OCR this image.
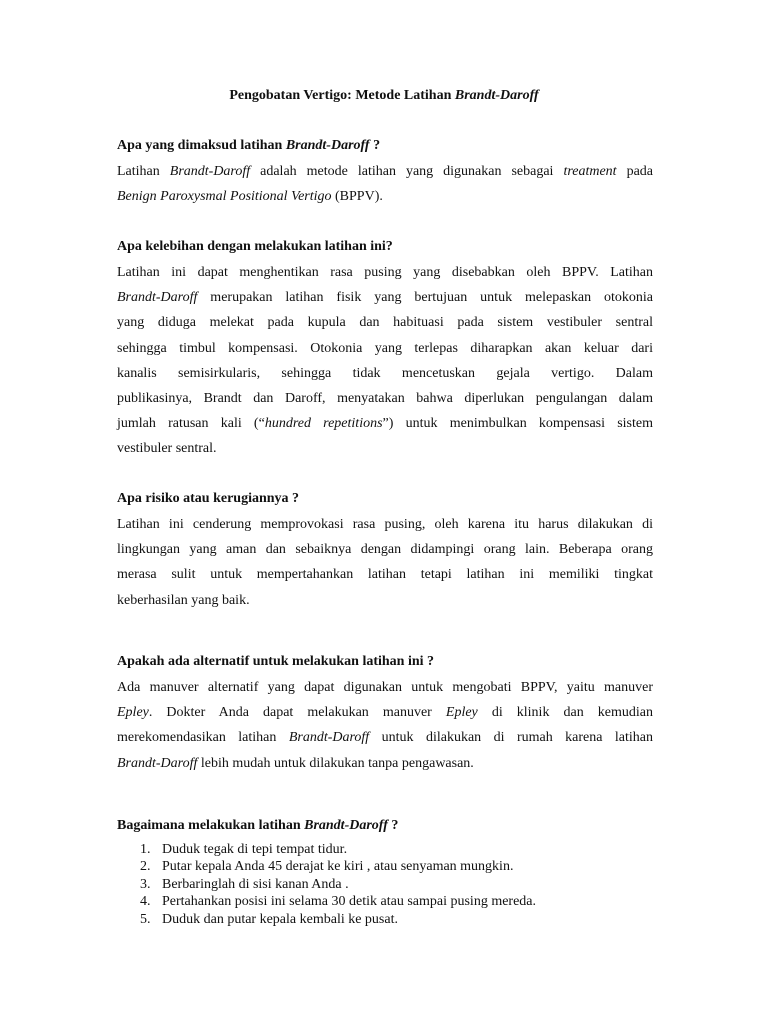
Pengobatan Vertigo: Metode Latihan Brandt-Daroff
Apa yang dimaksud latihan Brandt-Daroff ?
Latihan Brandt-Daroff adalah metode latihan yang digunakan sebagai treatment pada
Benign Paroxysmal Positional Vertigo (BPPV).
Apa kelebihan dengan melakukan latihan ini?
Latihan ini dapat menghentikan rasa pusing yang disebabkan oleh BPPV. Latihan
Brandt-Daroff merupakan latihan fisik yang bertujuan untuk melepaskan otokonia
yang diduga melekat pada kupula dan habituasi pada sistem vestibuler sentral
sehingga timbul kompensasi. Otokonia yang terlepas diharapkan akan keluar dari
kanalis semisirkularis, sehingga tidak mencetuskan gejala vertigo. Dalam
publikasinya, Brandt dan Daroff, menyatakan bahwa diperlukan pengulangan dalam
jumlah ratusan kali (“hundred repetitions”) untuk menimbulkan kompensasi sistem
vestibuler sentral.
Apa risiko atau kerugiannya ?
Latihan ini cenderung memprovokasi rasa pusing, oleh karena itu harus dilakukan di
lingkungan yang aman dan sebaiknya dengan didampingi orang lain. Beberapa orang
merasa sulit untuk mempertahankan latihan tetapi latihan ini memiliki tingkat
keberhasilan yang baik.
Apakah ada alternatif untuk melakukan latihan ini ?
Ada manuver alternatif yang dapat digunakan untuk mengobati BPPV, yaitu manuver
Epley. Dokter Anda dapat melakukan manuver Epley di klinik dan kemudian
merekomendasikan latihan Brandt-Daroff untuk dilakukan di rumah karena latihan
Brandt-Daroff lebih mudah untuk dilakukan tanpa pengawasan.
Bagaimana melakukan latihan Brandt-Daroff ?
1. Duduk tegak di tepi tempat tidur.
2. Putar kepala Anda 45 derajat ke kiri , atau senyaman mungkin.
3. Berbaringlah di sisi kanan Anda .
4. Pertahankan posisi ini selama 30 detik atau sampai pusing mereda.
5. Duduk dan putar kepala kembali ke pusat.
